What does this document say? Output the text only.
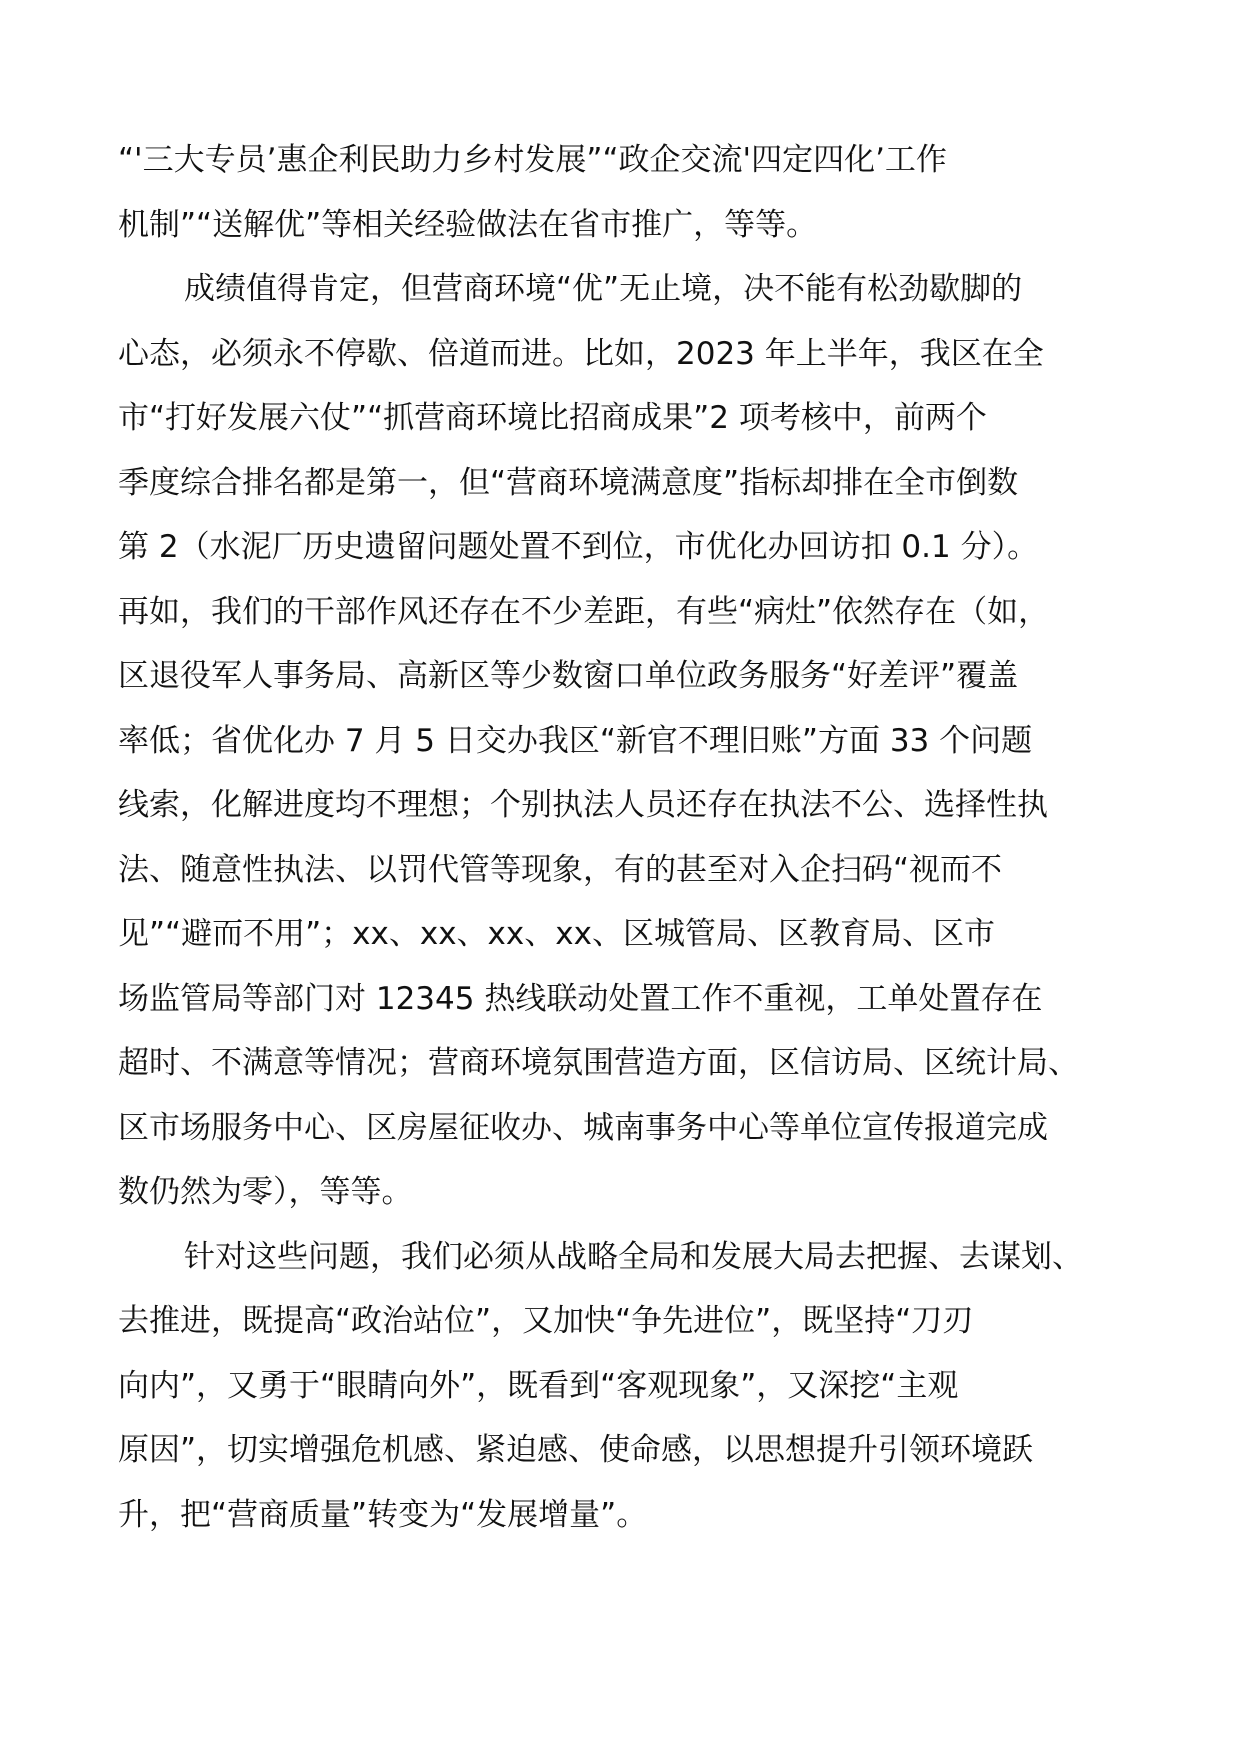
“'三大专员’惠企利民助力乡村发展”“政企交流'四定四化’工作
机制”“送解优”等相关经验做法在省市推广，等等。
成绩值得肯定，但营商环境“优”无止境，决不能有松劲歇脚的
心态，必须永不停歇、倍道而进。比如，2023 年上半年，我区在全
市“打好发展六仗”“抓营商环境比招商成果”2 项考核中，前两个
季度综合排名都是第一，但“营商环境满意度”指标却排在全市倒数
第 2（水泥厂历史遗留问题处置不到位，市优化办回访扣 0.1 分）。
再如，我们的干部作风还存在不少差距，有些“病灶”依然存在（如，
区退役军人事务局、高新区等少数窗口单位政务服务“好差评”覆盖
率低；省优化办 7 月 5 日交办我区“新官不理旧账”方面 33 个问题
线索，化解进度均不理想；个别执法人员还存在执法不公、选择性执
法、随意性执法、以罚代管等现象，有的甚至对入企扫码“视而不
见”“避而不用”；xx、xx、xx、xx、区城管局、区教育局、区市
场监管局等部门对 12345 热线联动处置工作不重视，工单处置存在
超时、不满意等情况；营商环境氛围营造方面，区信访局、区统计局、
区市场服务中心、区房屋征收办、城南事务中心等单位宣传报道完成
数仍然为零），等等。
针对这些问题，我们必须从战略全局和发展大局去把握、去谋划、
去推进，既提高“政治站位”，又加快“争先进位”，既坚持“刀刃
向内”，又勇于“眼睛向外”，既看到“客观现象”，又深挖“主观
原因”，切实增强危机感、紧迫感、使命感，以思想提升引领环境跃
升，把“营商质量”转变为“发展增量”。
